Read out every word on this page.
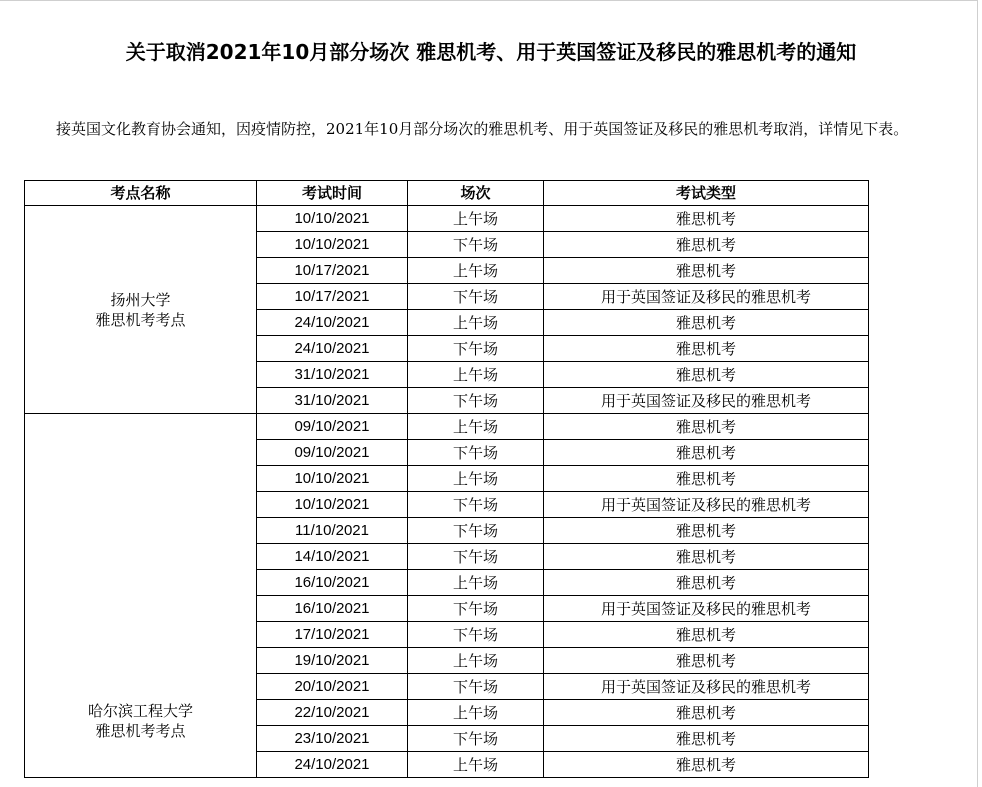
关于取消2021年10月部分场次 雅思机考、用于英国签证及移民的雅思机考的通知

接英国文化教育协会通知，因疫情防控，2021年10月部分场次的雅思机考、用于英国签证及移民的雅思机考取消，详情见下表。

考点名称	考试时间	场次	考试类型

扬州大学
雅思机考考点	10/10/2021	上午场	雅思机考
	10/10/2021	下午场	雅思机考
	10/17/2021	上午场	雅思机考
	10/17/2021	下午场	用于英国签证及移民的雅思机考
	24/10/2021	上午场	雅思机考
	24/10/2021	下午场	雅思机考
	31/10/2021	上午场	雅思机考
	31/10/2021	下午场	用于英国签证及移民的雅思机考

哈尔滨工程大学
雅思机考考点	09/10/2021	上午场	雅思机考
	09/10/2021	下午场	雅思机考
	10/10/2021	上午场	雅思机考
	10/10/2021	下午场	用于英国签证及移民的雅思机考
	11/10/2021	下午场	雅思机考
	14/10/2021	下午场	雅思机考
	16/10/2021	上午场	雅思机考
	16/10/2021	下午场	用于英国签证及移民的雅思机考
	17/10/2021	下午场	雅思机考
	19/10/2021	上午场	雅思机考
	20/10/2021	下午场	用于英国签证及移民的雅思机考
	22/10/2021	上午场	雅思机考
	23/10/2021	下午场	雅思机考
	24/10/2021	上午场	雅思机考
